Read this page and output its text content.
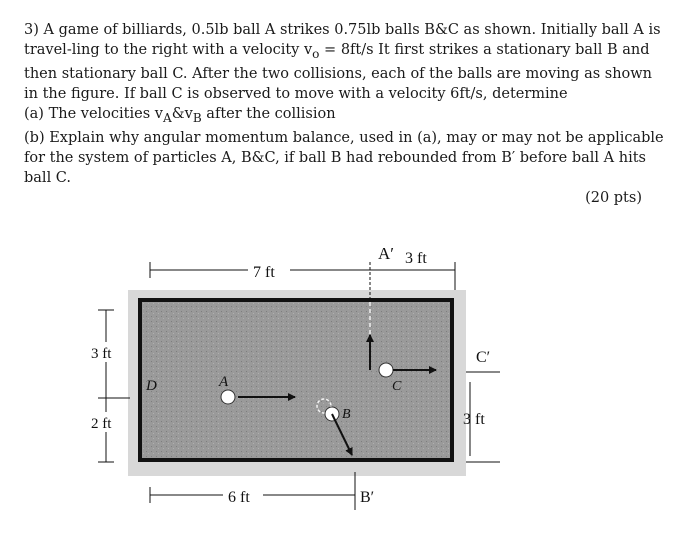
3) A game of billiards, 0.5lb ball A strikes 0.75lb balls B&C as shown. Initially ball A is travel-ling to the right with a velocity $v_o = 8ft/s$ It first strikes a stationary ball B and then stationary ball C. After the two collisions, each of the balls are moving as shown in the figure. If ball C is observed to move with a velocity 6ft/s, determine

(a) The velocities $v_A\&v_B$ after the collision

(b) Explain why angular momentum balance, used in (a), may or may not be applicable for the system of particles A, B&C, if ball B had rebounded from B′ before ball A hits ball C.

(20 pts)

7 ft
A′ 3 ft
6 ft	B′
3 ft
2 ft
C′
3 ft
D	A
B
C
